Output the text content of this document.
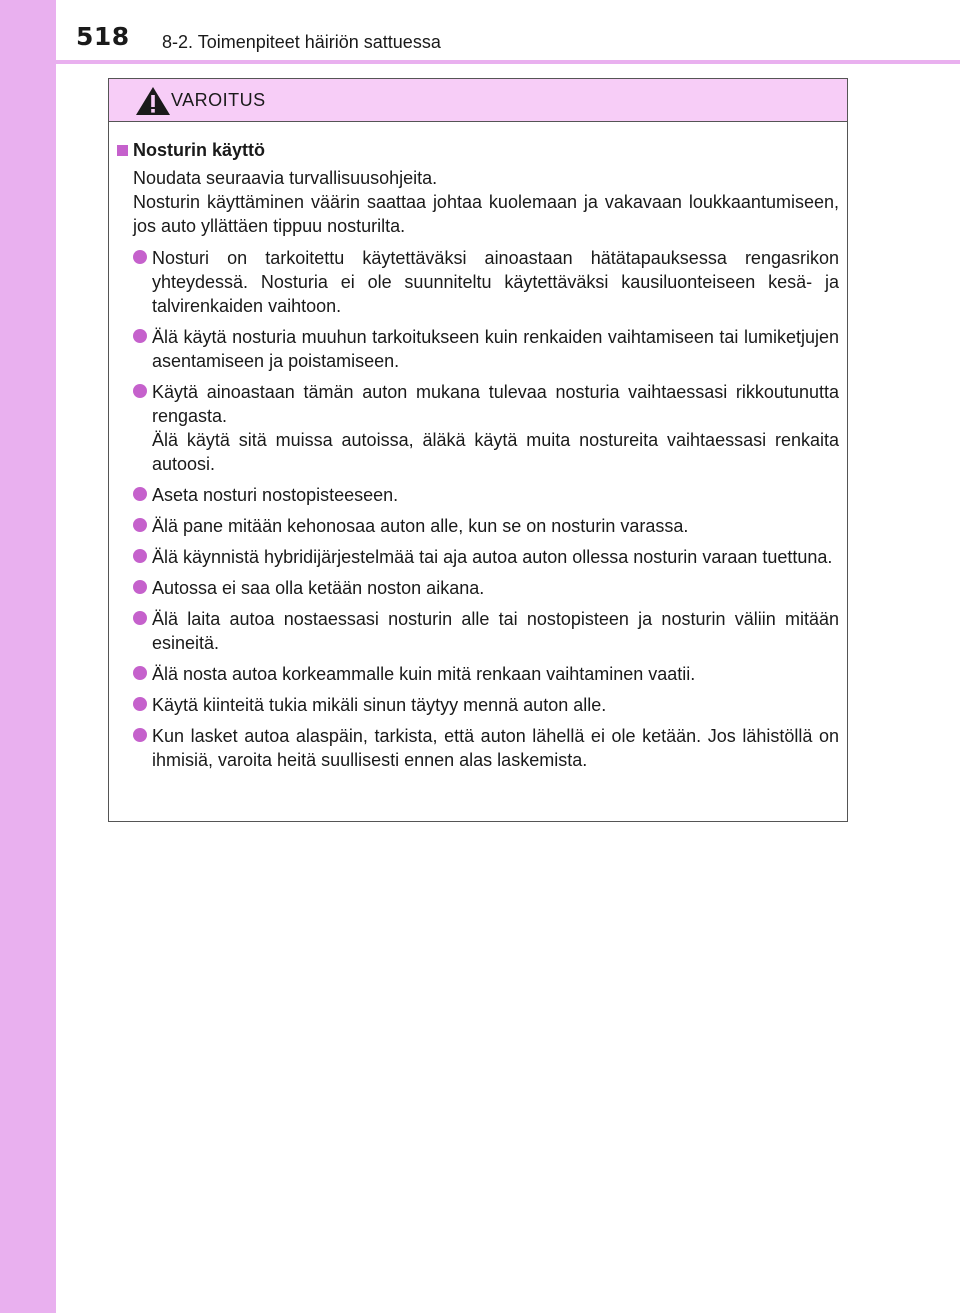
518 8-2. Toimenpiteet häiriön sattuessa
VAROITUS
Nosturin käyttö

Noudata seuraavia turvallisuusohjeita.

Nosturin käyttäminen väärin saattaa johtaa kuolemaan ja vakavaan loukkaantumiseen, jos auto yllättäen tippuu nosturilta.

Nosturi on tarkoitettu käytettäväksi ainoastaan hätätapauksessa rengasrikon yhteydessä. Nosturia ei ole suunniteltu käytettäväksi kausiluonteiseen kesä- ja talvirenkaiden vaihtoon.

Älä käytä nosturia muuhun tarkoitukseen kuin renkaiden vaihtamiseen tai lumiketjujen asentamiseen ja poistamiseen.

Käytä ainoastaan tämän auton mukana tulevaa nosturia vaihtaessasi rikkoutunutta rengasta.

Älä käytä sitä muissa autoissa, äläkä käytä muita nostureita vaihtaessasi renkaita autoosi.

Aseta nosturi nostopisteeseen.

Älä pane mitään kehonosaa auton alle, kun se on nosturin varassa.

Älä käynnistä hybridijärjestelmää tai aja autoa auton ollessa nosturin varaan tuettuna.

Autossa ei saa olla ketään noston aikana.

Älä laita autoa nostaessasi nosturin alle tai nostopisteen ja nosturin väliin mitään esineitä.

Älä nosta autoa korkeammalle kuin mitä renkaan vaihtaminen vaatii.

Käytä kiinteitä tukia mikäli sinun täytyy mennä auton alle.

Kun lasket autoa alaspäin, tarkista, että auton lähellä ei ole ketään. Jos lähistöllä on ihmisiä, varoita heitä suullisesti ennen alas laskemista.
